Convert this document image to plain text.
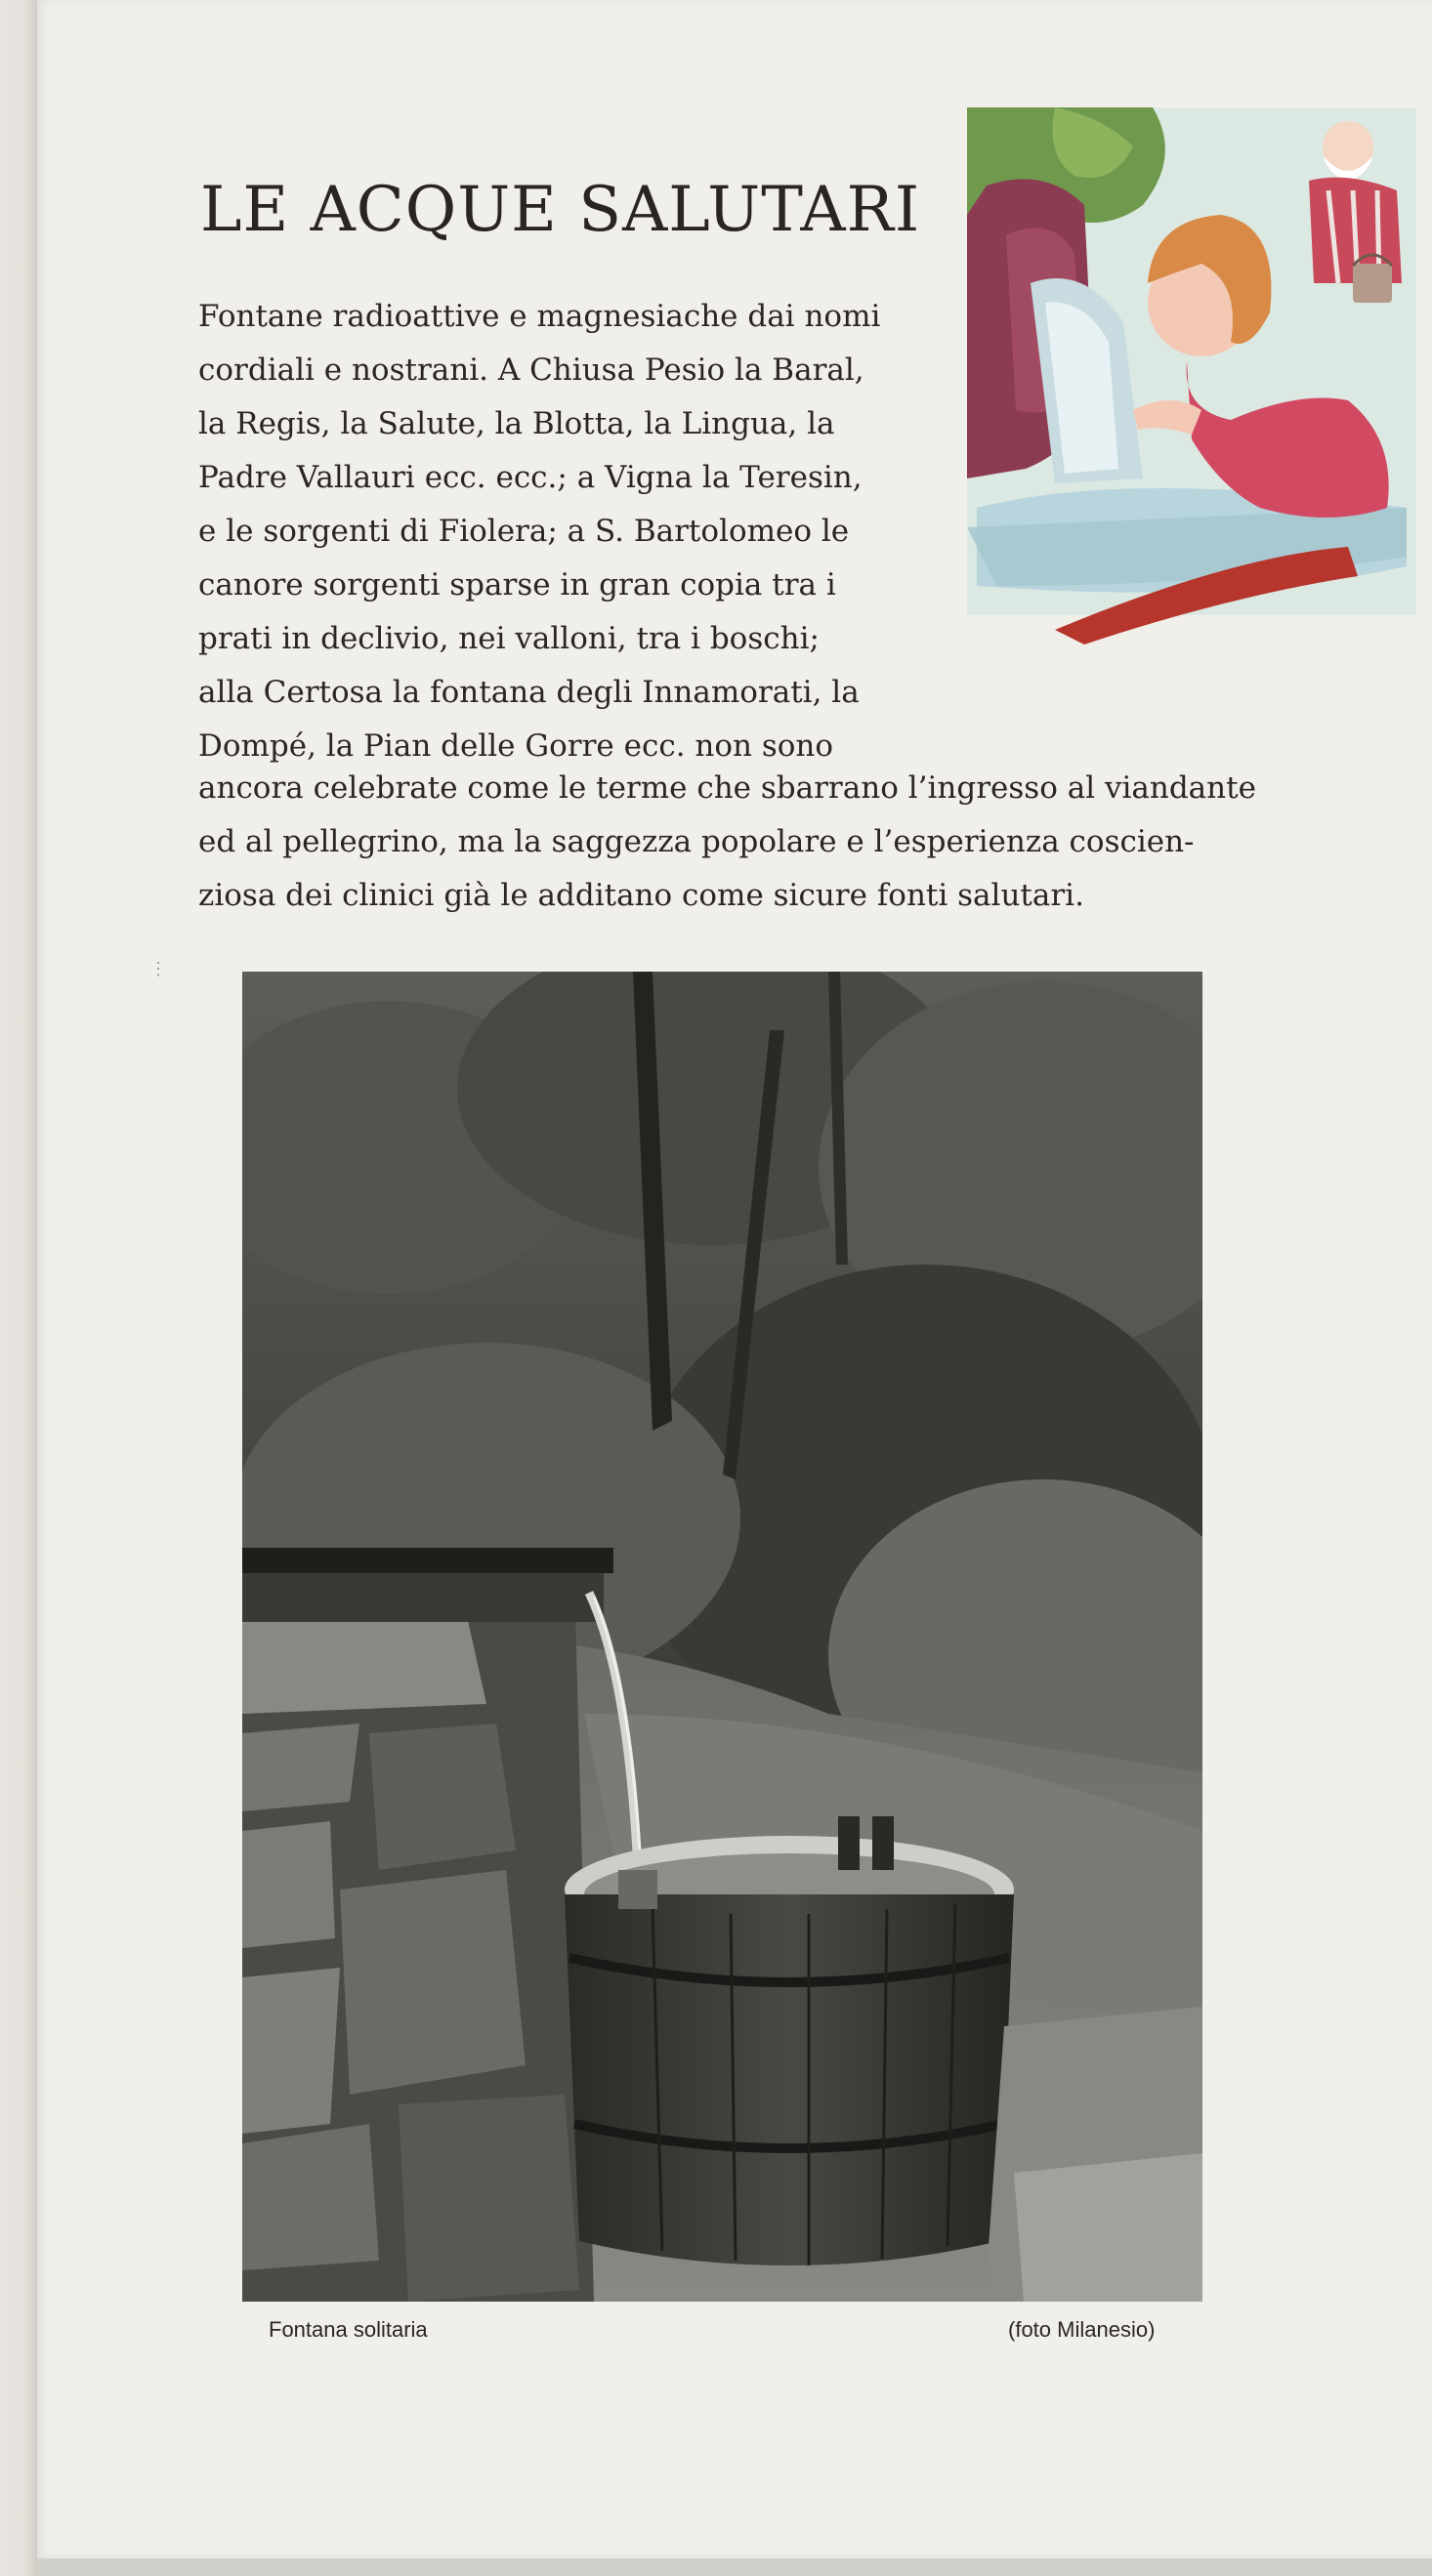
LE ACQUE SALUTARI

Fontane radioattive e magnesiache dai nomi

cordiali e nostrani. A Chiusa Pesio la Baral,

la Regis, la Salute, la Blotta, la Lingua, la

Padre Vallauri ecc. ecc.; a Vigna la Teresin,

e le sorgenti di Fiolera; a S. Bartolomeo le

canore sorgenti sparse in gran copia tra i

prati in declivio, nei valloni, tra i boschi;

alla Certosa la fontana degli Innamorati, la

Dompé, la Pian delle Gorre ecc. non sono

ancora celebrate come le terme che sbarrano l’ingresso al viandante

ed al pellegrino, ma la saggezza popolare e l’esperienza coscien-

ziosa dei clinici già le additano come sicure fonti salutari.

⋮
Fontana solitaria	(foto Milanesio)
